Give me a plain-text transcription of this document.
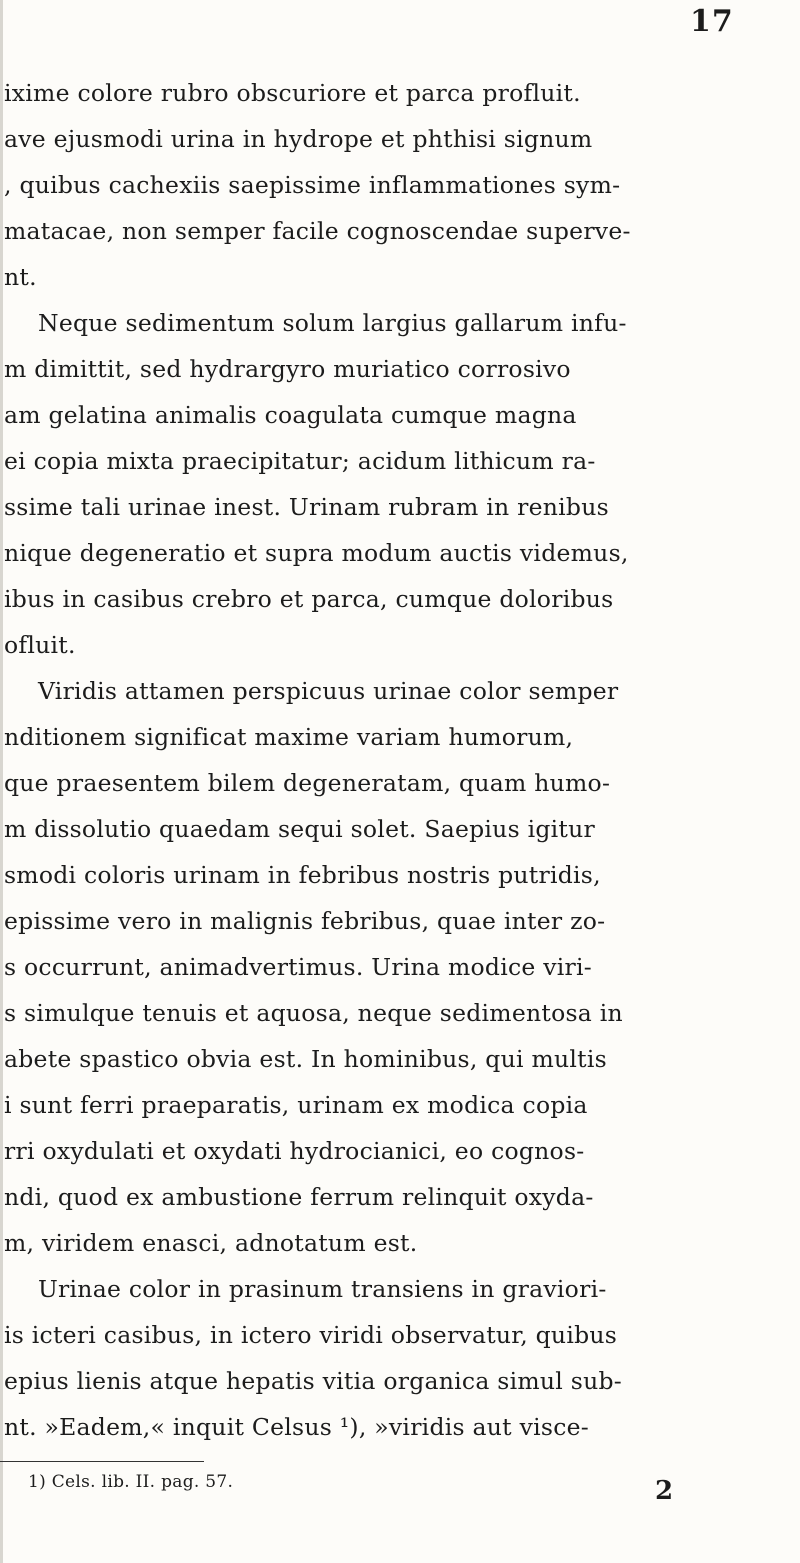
17
ixime colore rubro obscuriore et parca profluit.
ave ejusmodi urina in hydrope et phthisi signum
, quibus cachexiis saepissime inflammationes sym-
matacae, non semper facile cognoscendae superve-
nt.
Neque sedimentum solum largius gallarum infu-
m dimittit, sed hydrargyro muriatico corrosivo
am gelatina animalis coagulata cumque magna
ei copia mixta praecipitatur; acidum lithicum ra-
ssime tali urinae inest. Urinam rubram in renibus
nique degeneratio et supra modum auctis videmus,
ibus in casibus crebro et parca, cumque doloribus
ofluit.
Viridis attamen perspicuus urinae color semper
nditionem significat maxime variam humorum,
que praesentem bilem degeneratam, quam humo-
m dissolutio quaedam sequi solet. Saepius igitur
smodi coloris urinam in febribus nostris putridis,
epissime vero in malignis febribus, quae inter zo-
s occurrunt, animadvertimus. Urina modice viri-
s simulque tenuis et aquosa, neque sedimentosa in
abete spastico obvia est. In hominibus, qui multis
i sunt ferri praeparatis, urinam ex modica copia
rri oxydulati et oxydati hydrocianici, eo cognos-
ndi, quod ex ambustione ferrum relinquit oxyda-
m, viridem enasci, adnotatum est.
Urinae color in prasinum transiens in graviori-
is icteri casibus, in ictero viridi observatur, quibus
epius lienis atque hepatis vitia organica simul sub-
nt. »Eadem,« inquit Celsus ¹), »viridis aut visce-
1) Cels. lib. II. pag. 57.	2
